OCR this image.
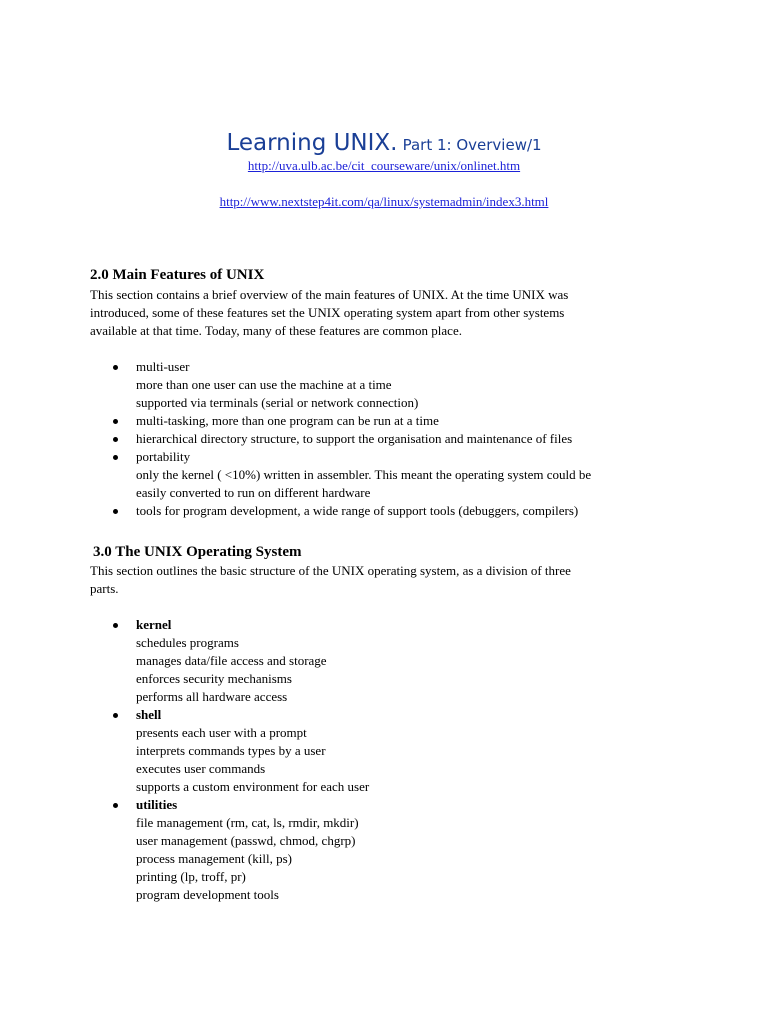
Learning UNIX. Part 1: Overview/1
http://uva.ulb.ac.be/cit_courseware/unix/onlinet.htm
http://www.nextstep4it.com/qa/linux/systemadmin/index3.html
2.0 Main Features of UNIX
This section contains a brief overview of the main features of UNIX. At the time UNIX was
introduced, some of these features set the UNIX operating system apart from other systems
available at that time. Today, many of these features are common place.
multi-user
more than one user can use the machine at a time
supported via terminals (serial or network connection)
multi-tasking, more than one program can be run at a time
hierarchical directory structure, to support the organisation and maintenance of files
portability
only the kernel ( <10%) written in assembler. This meant the operating system could be
easily converted to run on different hardware
tools for program development, a wide range of support tools (debuggers, compilers)
3.0 The UNIX Operating System
This section outlines the basic structure of the UNIX operating system, as a division of three
parts.
kernel
schedules programs
manages data/file access and storage
enforces security mechanisms
performs all hardware access
shell
presents each user with a prompt
interprets commands types by a user
executes user commands
supports a custom environment for each user
utilities
file management (rm, cat, ls, rmdir, mkdir)
user management (passwd, chmod, chgrp)
process management (kill, ps)
printing (lp, troff, pr)
program development tools
